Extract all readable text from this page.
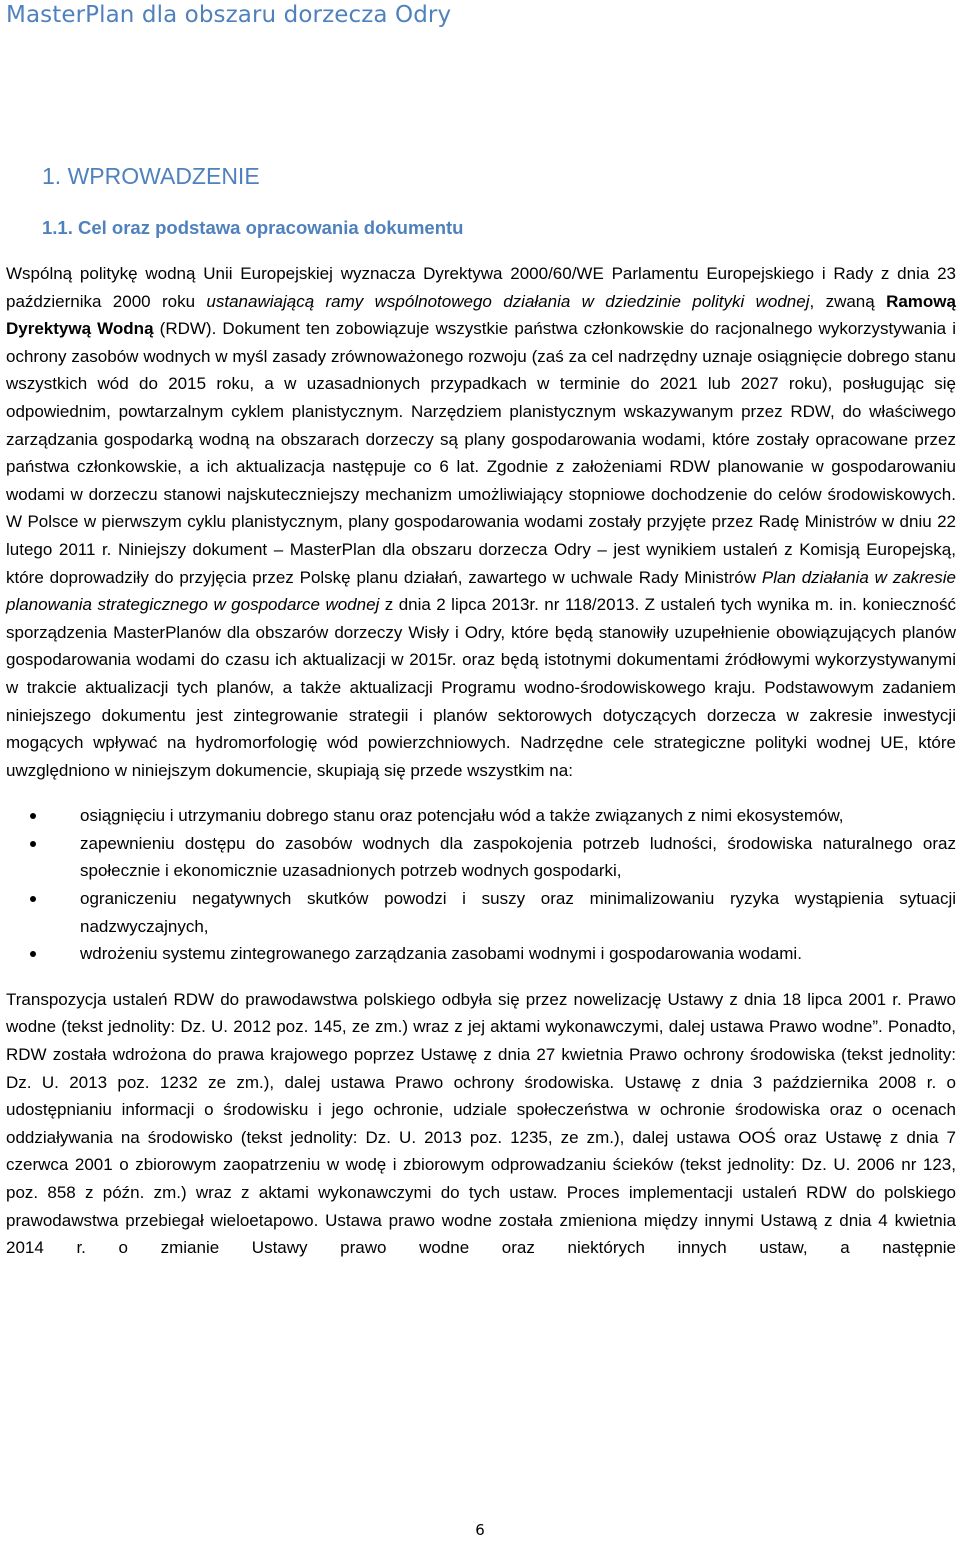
MasterPlan dla obszaru dorzecza Odry
1. WPROWADZENIE
1.1. Cel oraz podstawa opracowania dokumentu

Wspólną politykę wodną Unii Europejskiej wyznacza Dyrektywa 2000/60/WE Parlamentu Europejskiego i Rady z dnia 23 października 2000 roku ustanawiającą ramy wspólnotowego działania w dziedzinie polityki wodnej, zwaną Ramową Dyrektywą Wodną (RDW). Dokument ten zobowiązuje wszystkie państwa członkowskie do racjonalnego wykorzystywania i ochrony zasobów wodnych w myśl zasady zrównoważonego rozwoju (zaś za cel nadrzędny uznaje osiągnięcie dobrego stanu wszystkich wód do 2015 roku, a w uzasadnionych przypadkach w terminie do 2021 lub 2027 roku), posługując się odpowiednim, powtarzalnym cyklem planistycznym. Narzędziem planistycznym wskazywanym przez RDW, do właściwego zarządzania gospodarką wodną na obszarach dorzeczy są plany gospodarowania wodami, które zostały opracowane przez państwa członkowskie, a ich aktualizacja następuje co 6 lat. Zgodnie z założeniami RDW planowanie w gospodarowaniu wodami w dorzeczu stanowi najskuteczniejszy mechanizm umożliwiający stopniowe dochodzenie do celów środowiskowych. W Polsce w pierwszym cyklu planistycznym, plany gospodarowania wodami zostały przyjęte przez Radę Ministrów w dniu 22 lutego 2011 r. Niniejszy dokument – MasterPlan dla obszaru dorzecza Odry – jest wynikiem ustaleń z Komisją Europejską, które doprowadziły do przyjęcia przez Polskę planu działań, zawartego w uchwale Rady Ministrów Plan działania w zakresie planowania strategicznego w gospodarce wodnej z dnia 2 lipca 2013r. nr 118/2013. Z ustaleń tych wynika m. in. konieczność sporządzenia MasterPlanów dla obszarów dorzeczy Wisły i Odry, które będą stanowiły uzupełnienie obowiązujących planów gospodarowania wodami do czasu ich aktualizacji w 2015r. oraz będą istotnymi dokumentami źródłowymi wykorzystywanymi w trakcie aktualizacji tych planów, a także aktualizacji Programu wodno-środowiskowego kraju. Podstawowym zadaniem niniejszego dokumentu jest zintegrowanie strategii i planów sektorowych dotyczących dorzecza w zakresie inwestycji mogących wpływać na hydromorfologię wód powierzchniowych. Nadrzędne cele strategiczne polityki wodnej UE, które uwzględniono w niniejszym dokumencie, skupiają się przede wszystkim na:

osiągnięciu i utrzymaniu dobrego stanu oraz potencjału wód a także związanych z nimi ekosystemów,
zapewnieniu dostępu do zasobów wodnych dla zaspokojenia potrzeb ludności, środowiska naturalnego oraz społecznie i ekonomicznie uzasadnionych potrzeb wodnych gospodarki,
ograniczeniu negatywnych skutków powodzi i suszy oraz minimalizowaniu ryzyka wystąpienia sytuacji nadzwyczajnych,
wdrożeniu systemu zintegrowanego zarządzania zasobami wodnymi i gospodarowania wodami.

Transpozycja ustaleń RDW do prawodawstwa polskiego odbyła się przez nowelizację Ustawy z dnia 18 lipca 2001 r. Prawo wodne (tekst jednolity: Dz. U. 2012 poz. 145, ze zm.) wraz z jej aktami wykonawczymi, dalej ustawa Prawo wodne”. Ponadto, RDW została wdrożona do prawa krajowego poprzez Ustawę z dnia 27 kwietnia Prawo ochrony środowiska (tekst jednolity: Dz. U. 2013 poz. 1232 ze zm.), dalej ustawa Prawo ochrony środowiska. Ustawę z dnia 3 października 2008 r. o udostępnianiu informacji o środowisku i jego ochronie, udziale społeczeństwa w ochronie środowiska oraz o ocenach oddziaływania na środowisko (tekst jednolity: Dz. U. 2013 poz. 1235, ze zm.), dalej ustawa OOŚ oraz Ustawę z dnia 7 czerwca 2001 o zbiorowym zaopatrzeniu w wodę i zbiorowym odprowadzaniu ścieków (tekst jednolity: Dz. U. 2006 nr 123, poz. 858 z późn. zm.) wraz z aktami wykonawczymi do tych ustaw. Proces implementacji ustaleń RDW do polskiego prawodawstwa przebiegał wieloetapowo. Ustawa prawo wodne została zmieniona między innymi Ustawą z dnia 4 kwietnia 2014 r. o zmianie Ustawy prawo wodne oraz niektórych innych ustaw, a następnie

6
